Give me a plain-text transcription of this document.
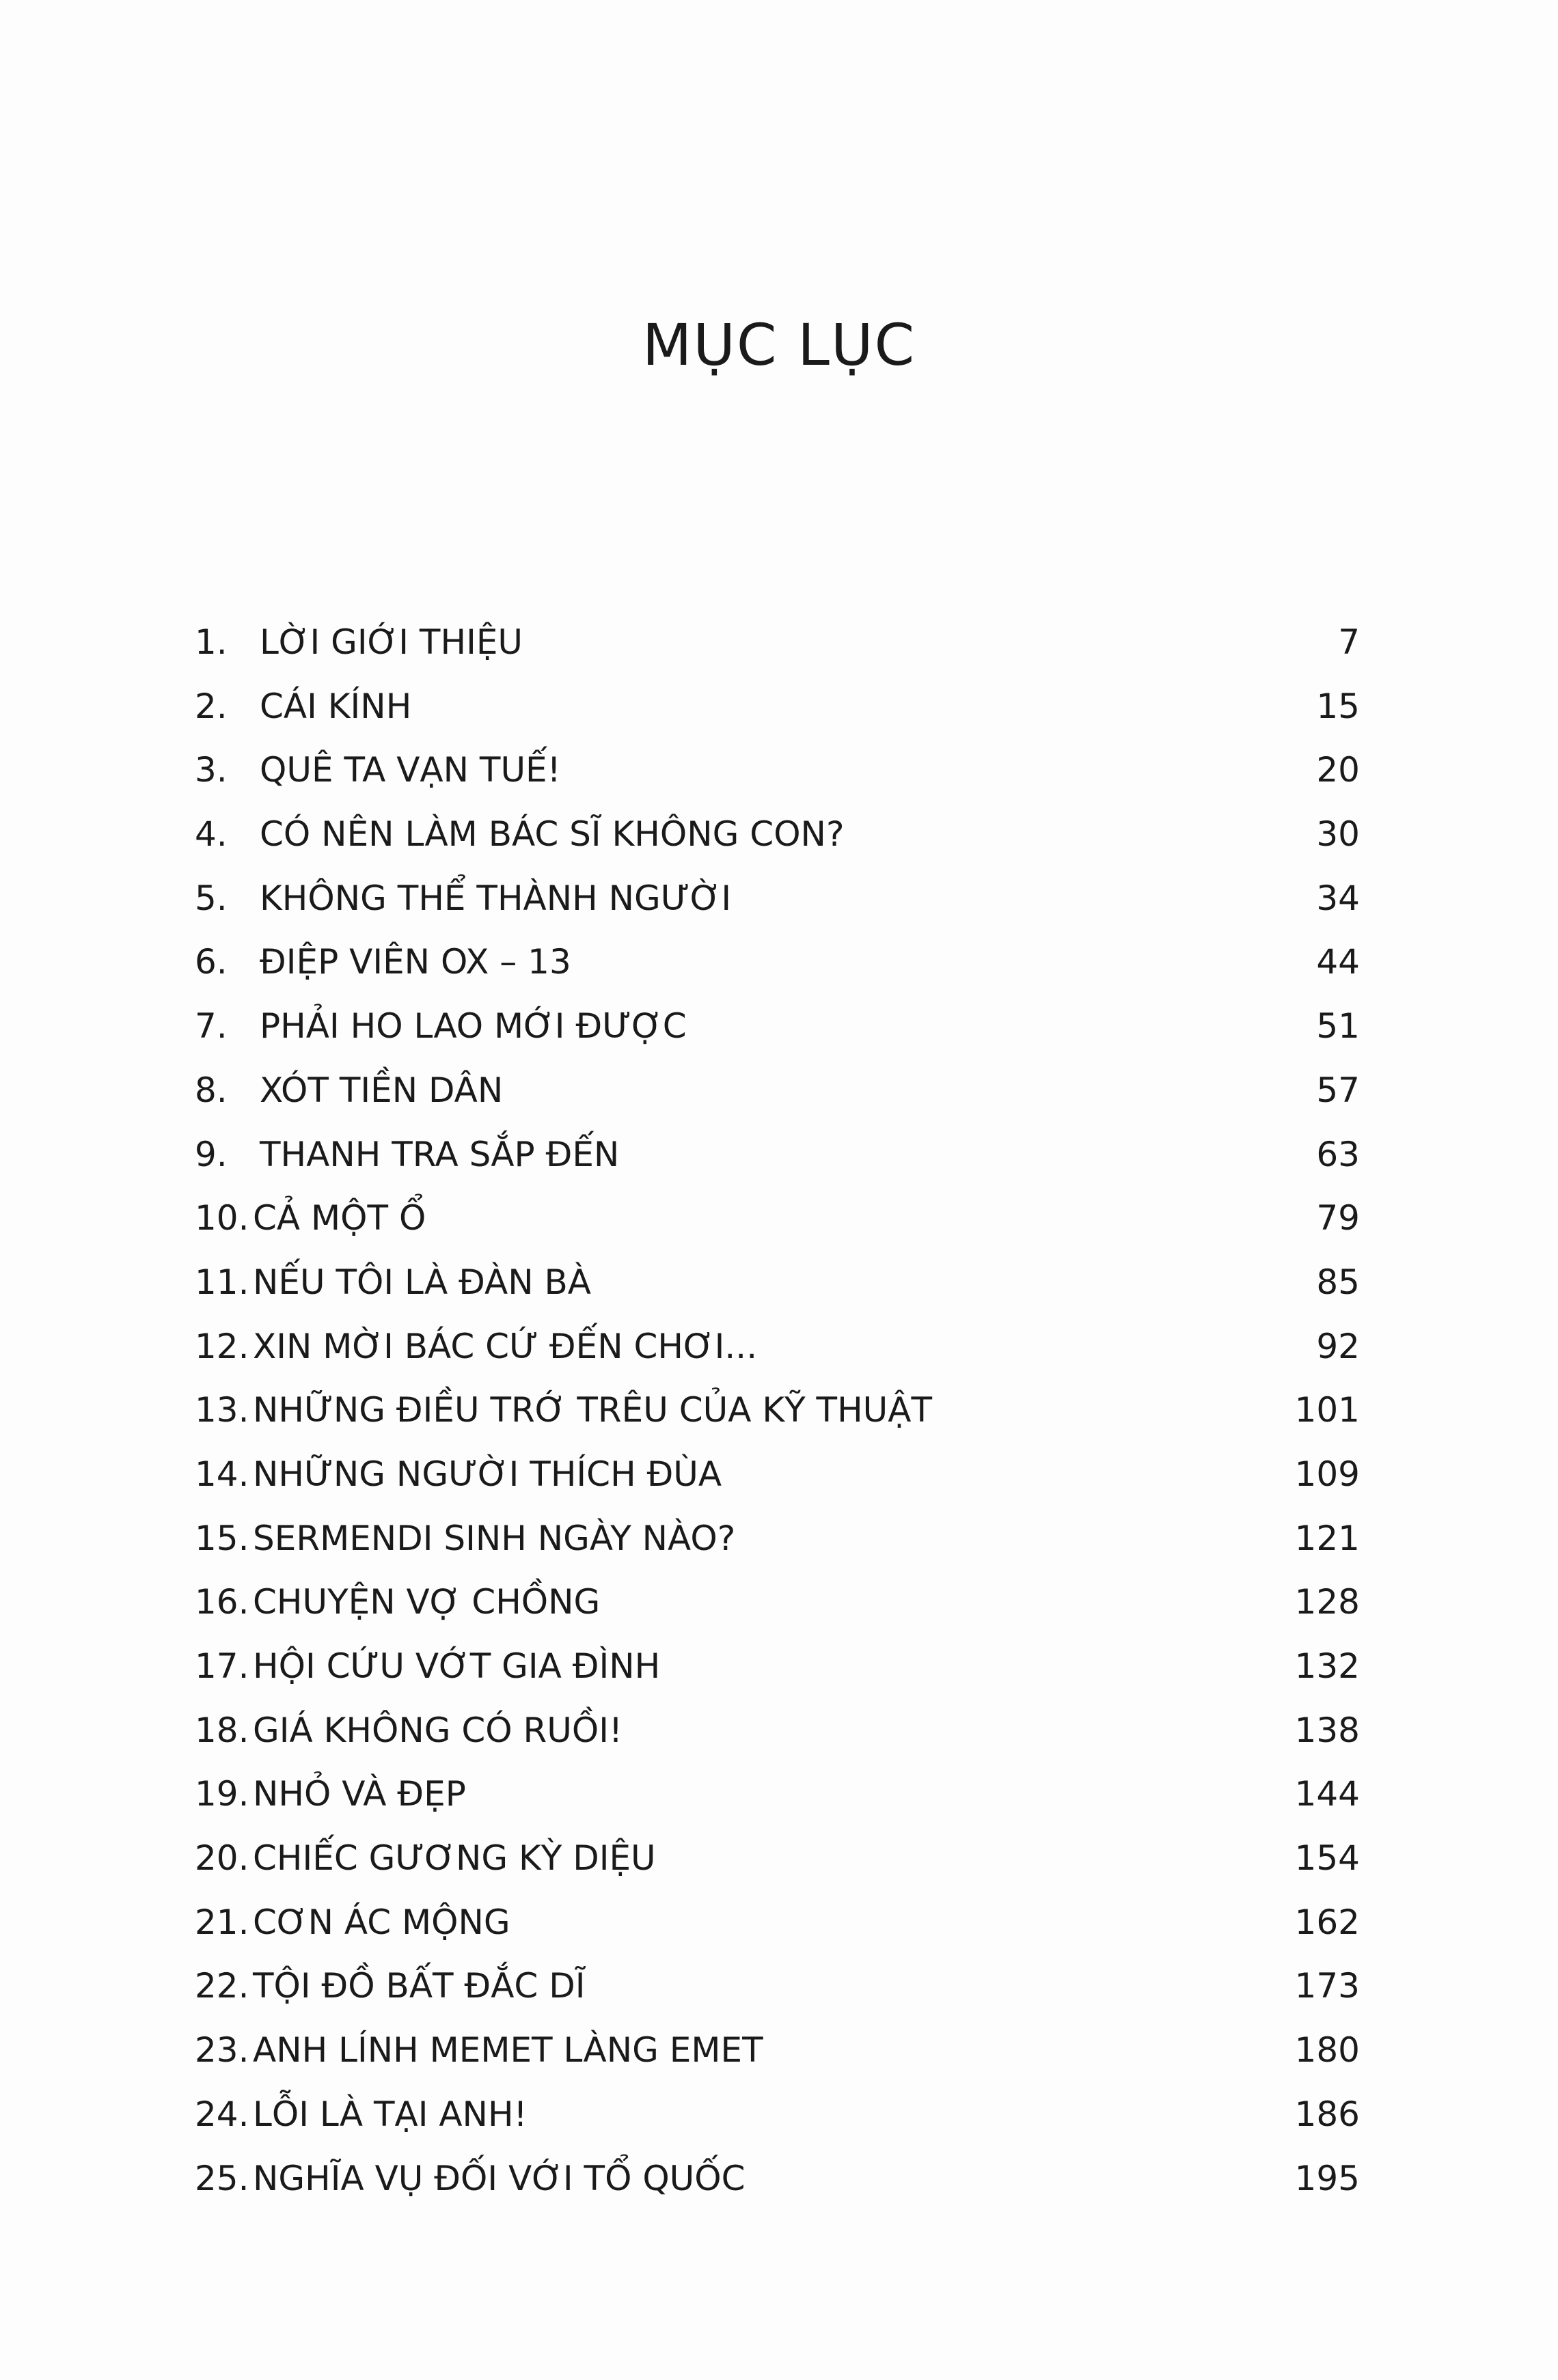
MỤC LỤC
1. LỜI GIỚI THIỆU	7
2. CÁI KÍNH	15
3. QUÊ TA VẠN TUẾ!	20
4. CÓ NÊN LÀM BÁC SĨ KHÔNG CON?	30
5. KHÔNG THỂ THÀNH NGƯỜI	34
6. ĐIỆP VIÊN OX – 13	44
7. PHẢI HO LAO MỚI ĐƯỢC	51
8. XÓT TIỀN DÂN	57
9. THANH TRA SẮP ĐẾN	63
10. CẢ MỘT Ổ	79
11. NẾU TÔI LÀ ĐÀN BÀ	85
12. XIN MỜI BÁC CỨ ĐẾN CHƠI...	92
13. NHỮNG ĐIỀU TRỚ TRÊU CỦA KỸ THUẬT	101
14. NHỮNG NGƯỜI THÍCH ĐÙA	109
15. SERMENDI SINH NGÀY NÀO?	121
16. CHUYỆN VỢ CHỒNG	128
17. HỘI CỨU VỚT GIA ĐÌNH	132
18. GIÁ KHÔNG CÓ RUỒI!	138
19. NHỎ VÀ ĐẸP	144
20. CHIẾC GƯƠNG KỲ DIỆU	154
21. CƠN ÁC MỘNG	162
22. TỘI ĐỒ BẤT ĐẮC DĨ	173
23. ANH LÍNH MEMET LÀNG EMET	180
24. LỖI LÀ TẠI ANH!	186
25. NGHĨA VỤ ĐỐI VỚI TỔ QUỐC	195
